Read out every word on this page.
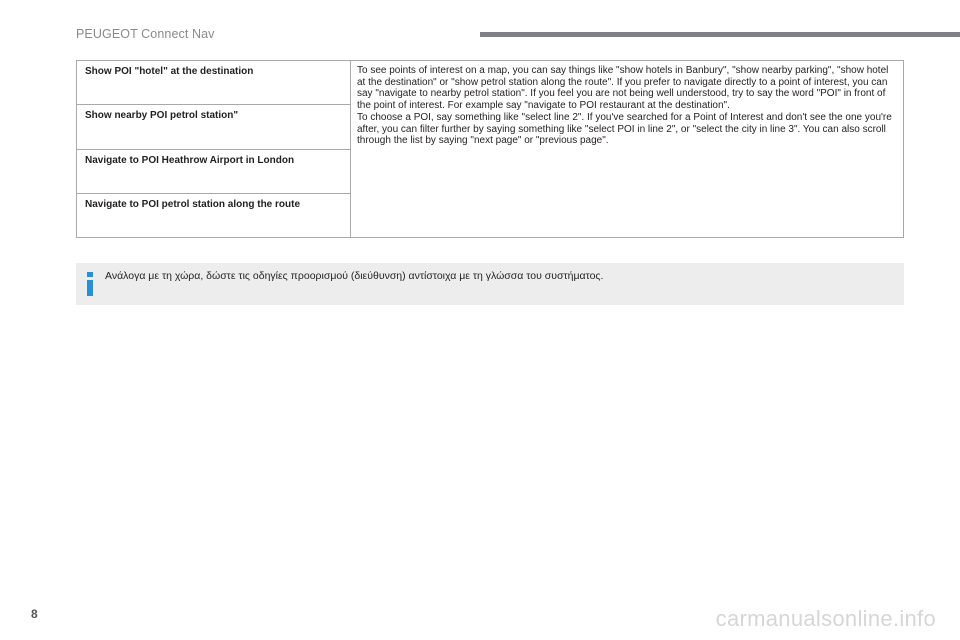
PEUGEOT Connect Nav
Show POI "hotel" at the destination
Show nearby POI petrol station"
Navigate to POI Heathrow Airport in London
Navigate to POI petrol station along the route

To see points of interest on a map, you can say things like "show hotels in Banbury", "show nearby parking", "show hotel at the destination" or "show petrol station along the route". If you prefer to navigate directly to a point of interest, you can say "navigate to nearby petrol station". If you feel you are not being well understood, try to say the word "POI" in front of the point of interest. For example say "navigate to POI restaurant at the destination".

To choose a POI, say something like "select line 2". If you've searched for a Point of Interest and don't see the one you're after, you can filter further by saying something like "select POI in line 2", or "select the city in line 3". You can also scroll through the list by saying "next page" or "previous page".

Ανάλογα με τη χώρα, δώστε τις οδηγίες προορισμού (διεύθυνση) αντίστοιχα με τη γλώσσα του συστήματος.
8	carmanualsonline.info
